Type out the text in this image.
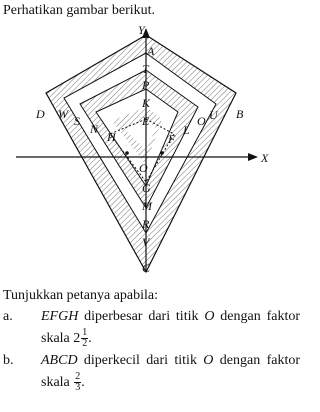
Perhatikan gambar berikut.
Y
X
A
T
P
K
E
O
G
M
R
V
C
D W S
N
H
B
U
O
L
F
Tunjukkan petanya apabila:
a. EFGH diperbesar dari titik O dengan faktor skala $2 \frac{1}{2}$ .
b. ABCD diperkecil dari titik O dengan faktor skala $\frac{2}{3}$ .
